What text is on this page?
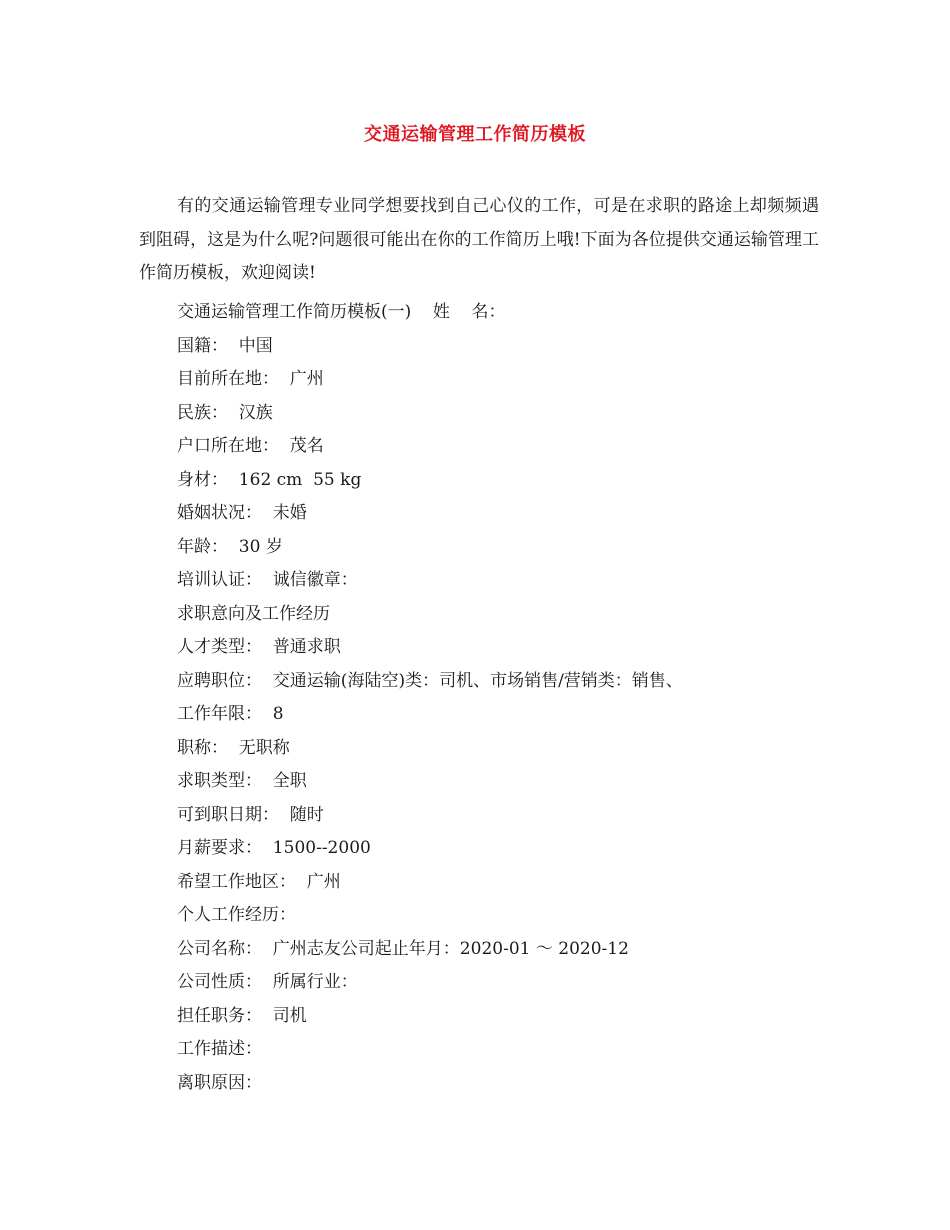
交通运输管理工作简历模板

有的交通运输管理专业同学想要找到自己心仪的工作，可是在求职的路途上却频频遇到阻碍，这是为什么呢?问题很可能出在你的工作简历上哦!下面为各位提供交通运输管理工作简历模板，欢迎阅读!

交通运输管理工作简历模板(一)    姓    名：
国籍：  中国
目前所在地：  广州
民族：  汉族
户口所在地：  茂名
身材：  162 cm  55 kg
婚姻状况：  未婚
年龄：  30 岁
培训认证：  诚信徽章：
求职意向及工作经历
人才类型：  普通求职
应聘职位：  交通运输(海陆空)类：司机、市场销售/营销类：销售、
工作年限：  8
职称：  无职称
求职类型：  全职
可到职日期：  随时
月薪要求：  1500--2000
希望工作地区：  广州
个人工作经历：
公司名称：  广州志友公司起止年月：2020-01 ～ 2020-12
公司性质：  所属行业：
担任职务：  司机
工作描述：
离职原因：
